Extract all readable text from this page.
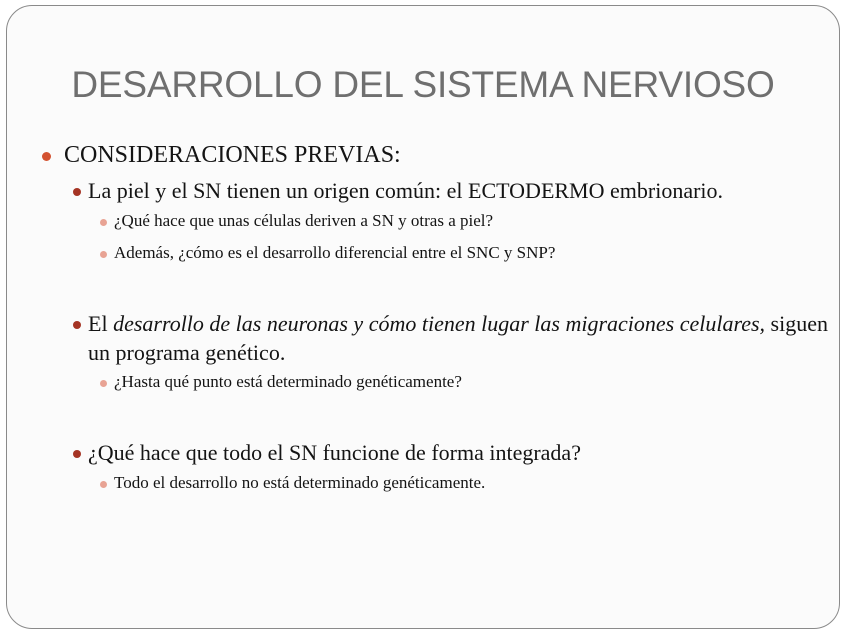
DESARROLLO DEL SISTEMA NERVIOSO
CONSIDERACIONES PREVIAS:
La piel y el SN tienen un origen común: el ECTODERMO embrionario.
¿Qué hace que unas células deriven a SN y otras a piel?
Además, ¿cómo es el desarrollo diferencial entre el SNC y SNP?
El desarrollo de las neuronas y cómo tienen lugar las migraciones celulares, siguen un programa genético.
¿Hasta qué punto está determinado genéticamente?
¿Qué hace que todo el SN funcione de forma integrada?
Todo el desarrollo no está determinado genéticamente.
